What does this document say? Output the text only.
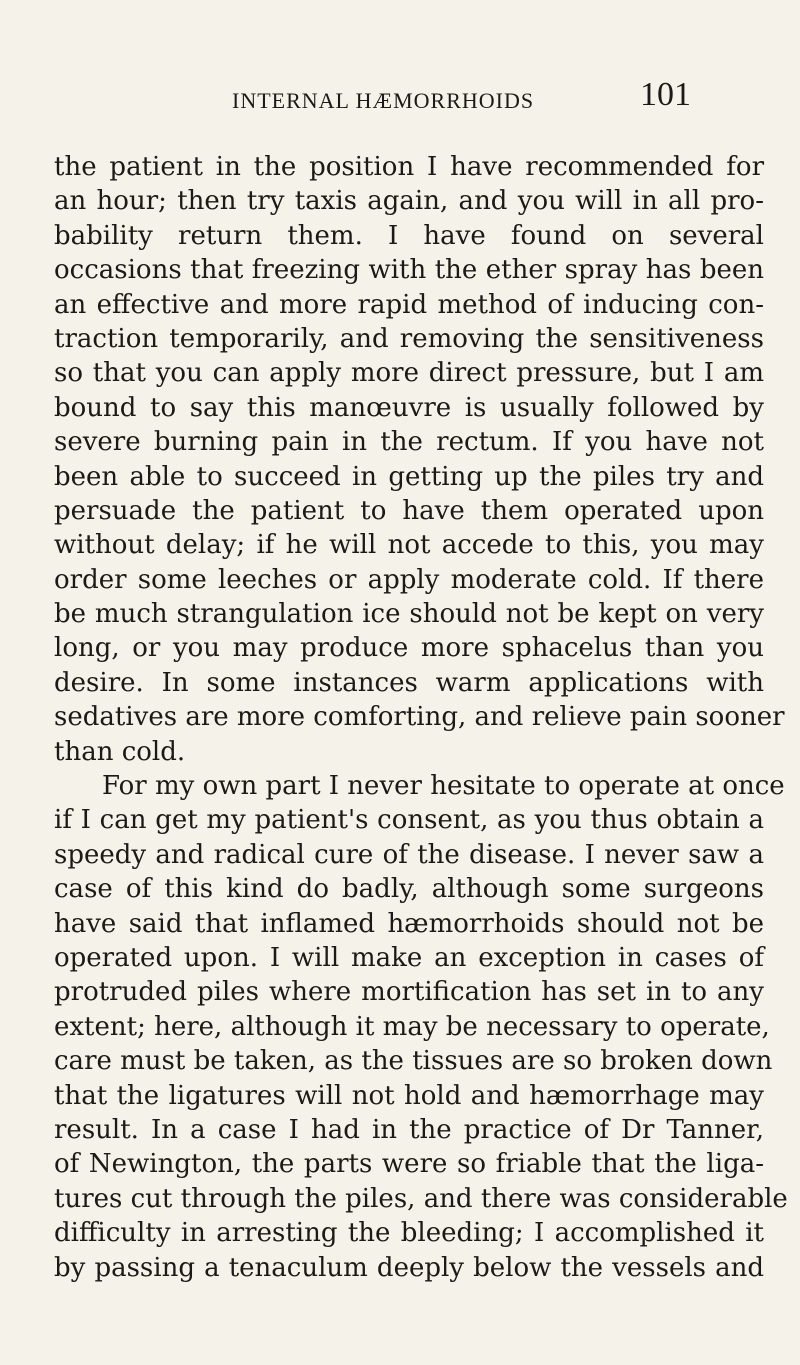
INTERNAL HÆMORRHOIDS	101
the patient in the position I have recommended for
an hour; then try taxis again, and you will in all pro-
bability return them. I have found on several
occasions that freezing with the ether spray has been
an effective and more rapid method of inducing con-
traction temporarily, and removing the sensitiveness
so that you can apply more direct pressure, but I am
bound to say this manœuvre is usually followed by
severe burning pain in the rectum. If you have not
been able to succeed in getting up the piles try and
persuade the patient to have them operated upon
without delay; if he will not accede to this, you may
order some leeches or apply moderate cold. If there
be much strangulation ice should not be kept on very
long, or you may produce more sphacelus than you
desire. In some instances warm applications with
sedatives are more comforting, and relieve pain sooner
than cold.
For my own part I never hesitate to operate at once
if I can get my patient's consent, as you thus obtain a
speedy and radical cure of the disease. I never saw a
case of this kind do badly, although some surgeons
have said that inflamed hæmorrhoids should not be
operated upon. I will make an exception in cases of
protruded piles where mortification has set in to any
extent; here, although it may be necessary to operate,
care must be taken, as the tissues are so broken down
that the ligatures will not hold and hæmorrhage may
result. In a case I had in the practice of Dr Tanner,
of Newington, the parts were so friable that the liga-
tures cut through the piles, and there was considerable
difficulty in arresting the bleeding; I accomplished it
by passing a tenaculum deeply below the vessels and
